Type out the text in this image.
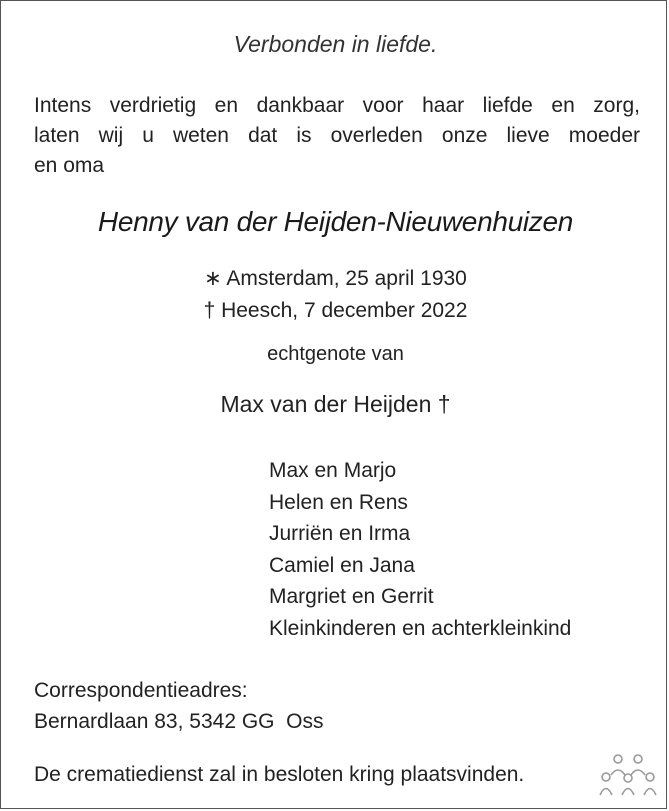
Verbonden in liefde.
Intens verdrietig en dankbaar voor haar liefde en zorg,
laten wij u weten dat is overleden onze lieve moeder
en oma
Henny van der Heijden-Nieuwenhuizen
∗ Amsterdam, 25 april 1930
† Heesch, 7 december 2022
echtgenote van
Max van der Heijden †
Max en Marjo
Helen en Rens
Jurriën en Irma
Camiel en Jana
Margriet en Gerrit
Kleinkinderen en achterkleinkind
Correspondentieadres:
Bernardlaan 83, 5342 GG  Oss
De crematiedienst zal in besloten kring plaatsvinden.
